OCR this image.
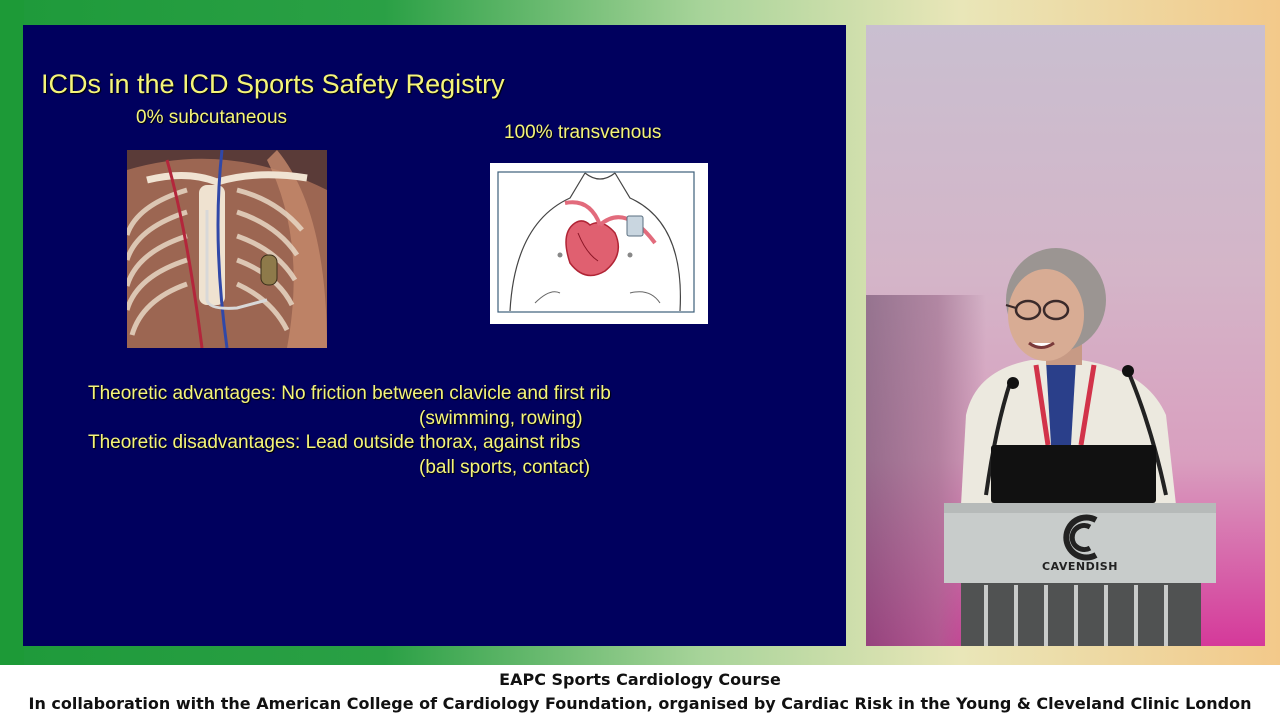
ICDs in the ICD Sports Safety Registry
0% subcutaneous
100% transvenous
Theoretic advantages: No friction between clavicle and first rib
(swimming, rowing)
Theoretic disadvantages: Lead outside thorax, against ribs
(ball sports, contact)
CAVENDISH
EAPC Sports Cardiology Course
In collaboration with the American College of Cardiology Foundation, organised by Cardiac Risk in the Young & Cleveland Clinic London
